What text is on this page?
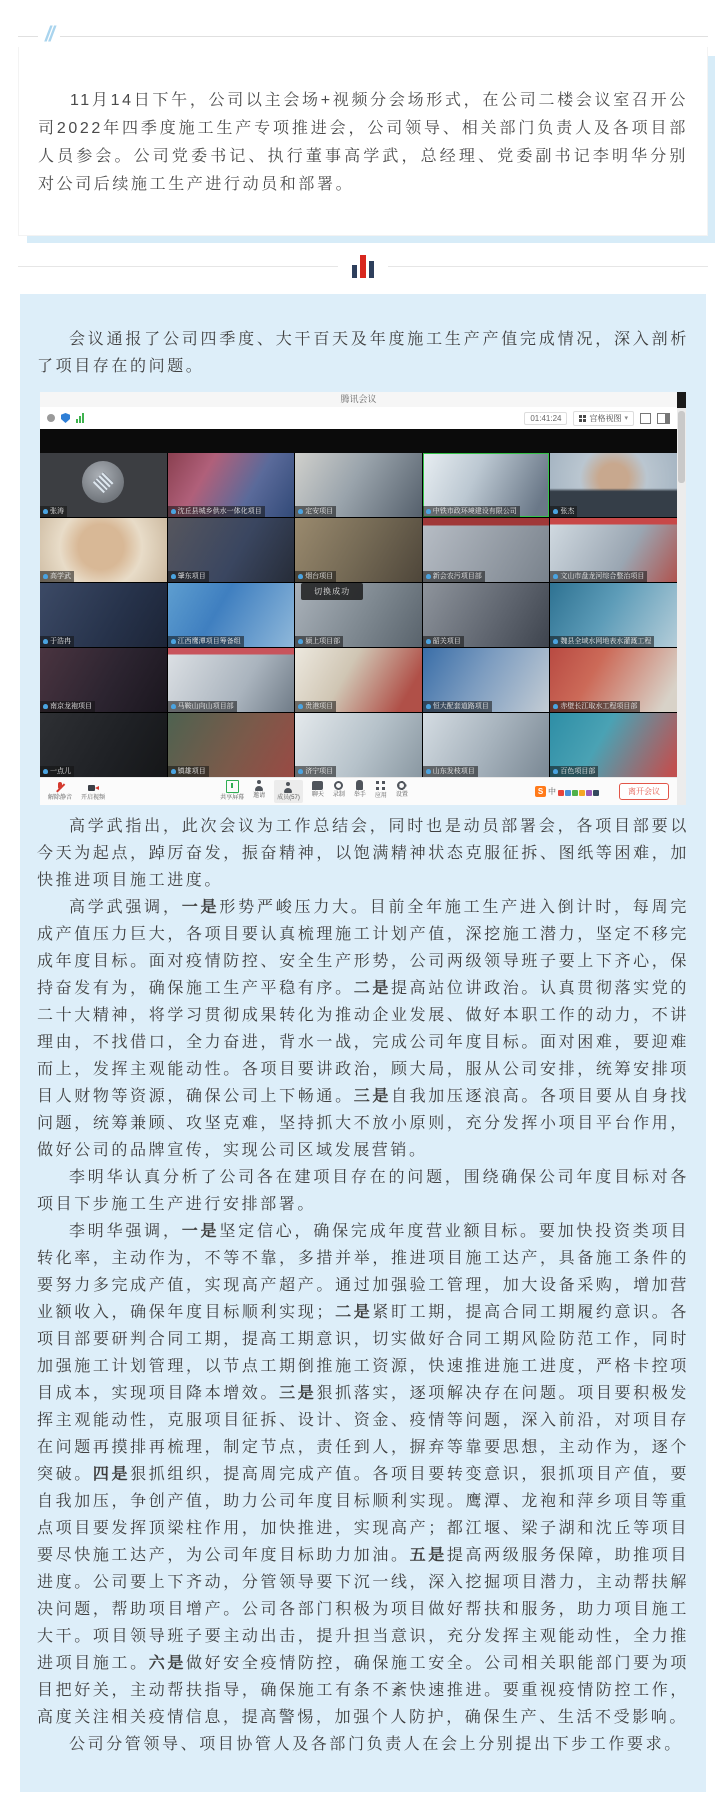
//

11月14日下午，公司以主会场+视频分会场形式，在公司二楼会议室召开公司2022年四季度施工生产专项推进会，公司领导、相关部门负责人及各项目部人员参会。公司党委书记、执行董事高学武，总经理、党委副书记李明华分别对公司后续施工生产进行动员和部署。

会议通报了公司四季度、大干百天及年度施工生产产值完成情况，深入剖析了项目存在的问题。

腾讯会议
01:41:24	宫格视图 ▾
张涛	沈丘县城乡供水一体化项目	定安项目	中铁市政环境建设有限公司	张杰
高学武	肇东项目	烟台项目	新会农污项目部	文山市盘龙河综合整治项目
于浩冉	江西鹰潭项目筹备组	颍上项目部	韶关项目	魏县全域水网地表水灌溉工程
南京龙袍项目	马鞍山向山项目部	贵港项目	恒大配套道路项目	赤壁长江取水工程项目部
一点儿	镇雄项目	济宁项目	山东发枝项目	百色项目部
切换成功
解除静音 开启视频	共享屏幕 邀请 成员(57) 聊天 录制 举手 应用 设置	S 中	离开会议

高学武指出，此次会议为工作总结会，同时也是动员部署会，各项目部要以今天为起点，踔厉奋发，振奋精神，以饱满精神状态克服征拆、图纸等困难，加快推进项目施工进度。

高学武强调，一是形势严峻压力大。目前全年施工生产进入倒计时，每周完成产值压力巨大，各项目要认真梳理施工计划产值，深挖施工潜力，坚定不移完成年度目标。面对疫情防控、安全生产形势，公司两级领导班子要上下齐心，保持奋发有为，确保施工生产平稳有序。二是提高站位讲政治。认真贯彻落实党的二十大精神，将学习贯彻成果转化为推动企业发展、做好本职工作的动力，不讲理由，不找借口，全力奋进，背水一战，完成公司年度目标。面对困难，要迎难而上，发挥主观能动性。各项目要讲政治，顾大局，服从公司安排，统筹安排项目人财物等资源，确保公司上下畅通。三是自我加压逐浪高。各项目要从自身找问题，统筹兼顾、攻坚克难，坚持抓大不放小原则，充分发挥小项目平台作用，做好公司的品牌宣传，实现公司区域发展营销。

李明华认真分析了公司各在建项目存在的问题，围绕确保公司年度目标对各项目下步施工生产进行安排部署。

李明华强调，一是坚定信心，确保完成年度营业额目标。要加快投资类项目转化率，主动作为，不等不靠，多措并举，推进项目施工达产，具备施工条件的要努力多完成产值，实现高产超产。通过加强验工管理，加大设备采购，增加营业额收入，确保年度目标顺利实现；二是紧盯工期，提高合同工期履约意识。各项目部要研判合同工期，提高工期意识，切实做好合同工期风险防范工作，同时加强施工计划管理，以节点工期倒推施工资源，快速推进施工进度，严格卡控项目成本，实现项目降本增效。三是狠抓落实，逐项解决存在问题。项目要积极发挥主观能动性，克服项目征拆、设计、资金、疫情等问题，深入前沿，对项目存在问题再摸排再梳理，制定节点，责任到人，摒弃等靠要思想，主动作为，逐个突破。四是狠抓组织，提高周完成产值。各项目要转变意识，狠抓项目产值，要自我加压，争创产值，助力公司年度目标顺利实现。鹰潭、龙袍和萍乡项目等重点项目要发挥顶梁柱作用，加快推进，实现高产；都江堰、梁子湖和沈丘等项目要尽快施工达产，为公司年度目标助力加油。五是提高两级服务保障，助推项目进度。公司要上下齐动，分管领导要下沉一线，深入挖掘项目潜力，主动帮扶解决问题，帮助项目增产。公司各部门积极为项目做好帮扶和服务，助力项目施工大干。项目领导班子要主动出击，提升担当意识，充分发挥主观能动性，全力推进项目施工。六是做好安全疫情防控，确保施工安全。公司相关职能部门要为项目把好关，主动帮扶指导，确保施工有条不紊快速推进。要重视疫情防控工作，高度关注相关疫情信息，提高警惕，加强个人防护，确保生产、生活不受影响。

公司分管领导、项目协管人及各部门负责人在会上分别提出下步工作要求。
